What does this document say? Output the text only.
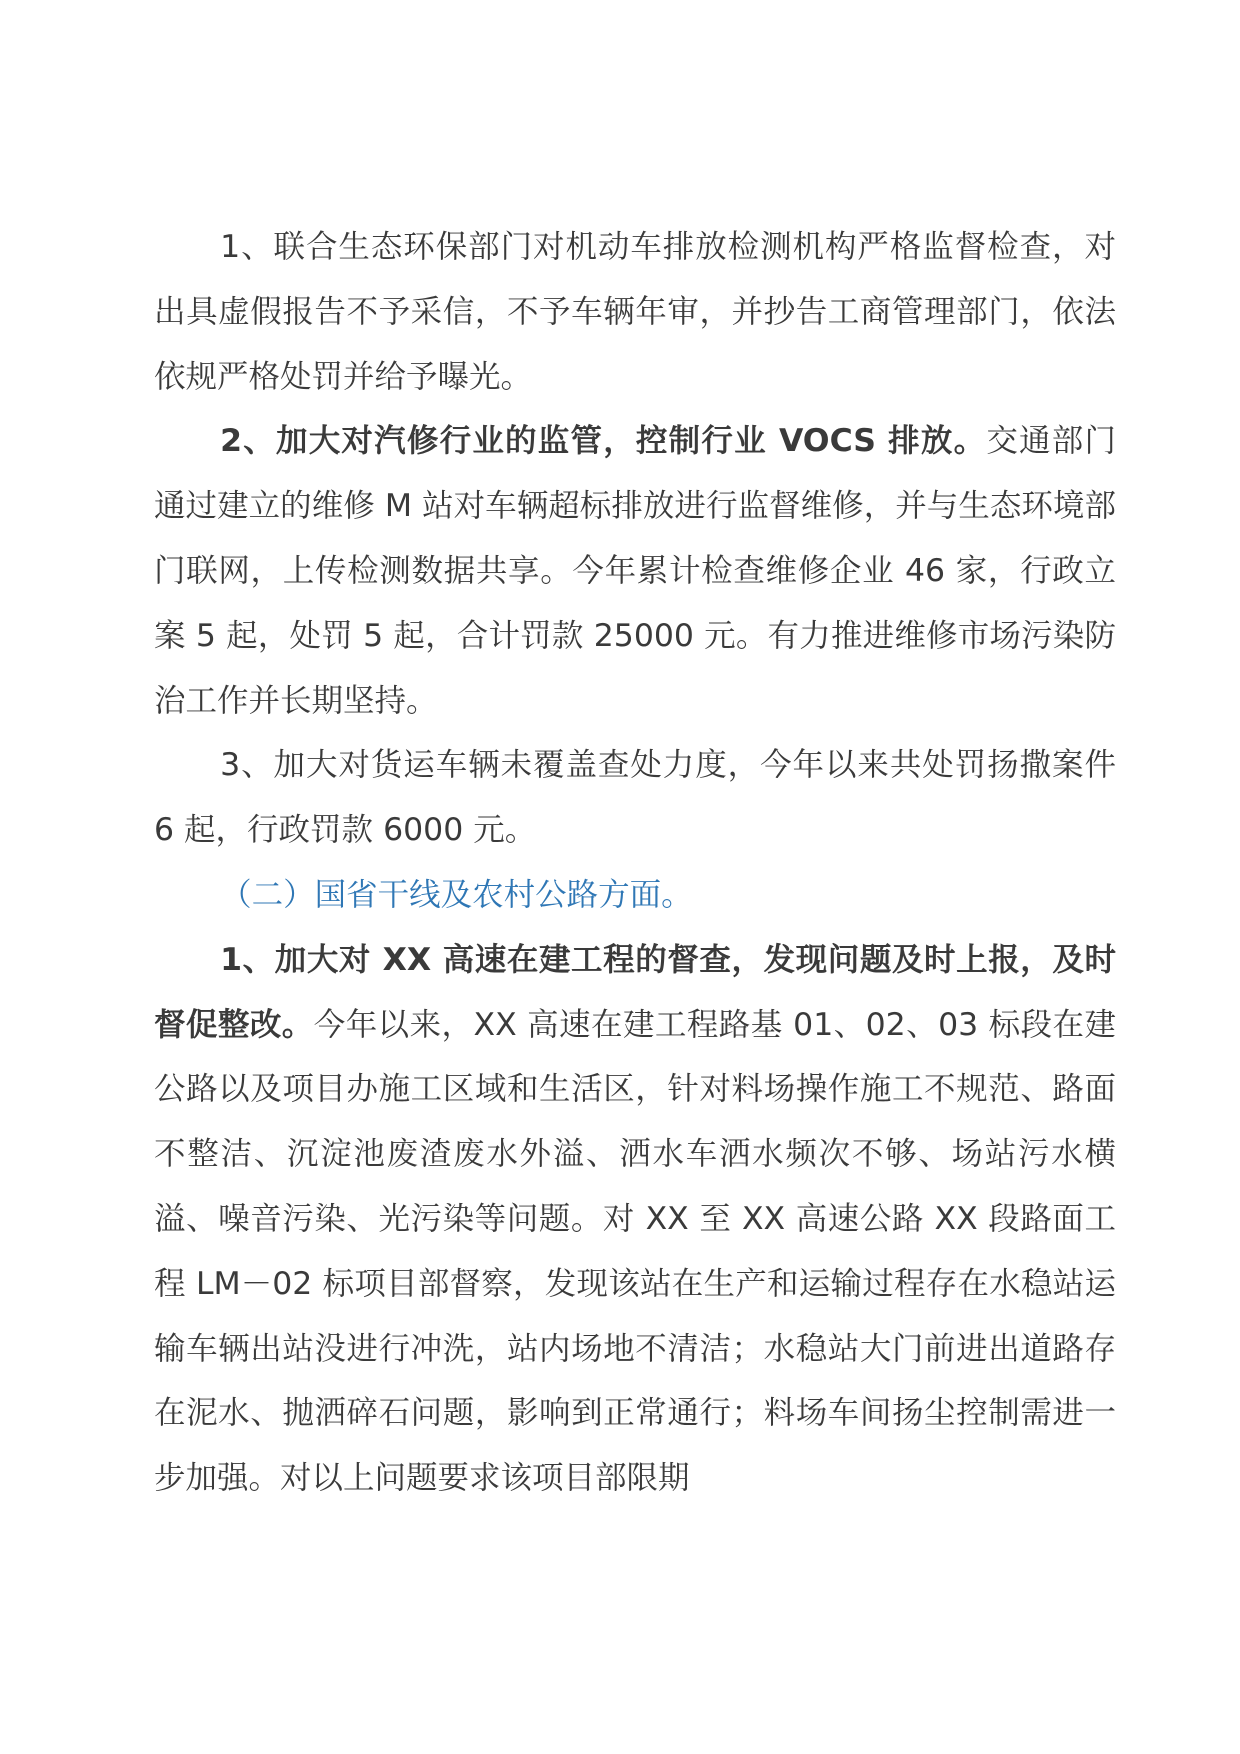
1、联合生态环保部门对机动车排放检测机构严格监督检查，对出具虚假报告不予采信，不予车辆年审，并抄告工商管理部门，依法依规严格处罚并给予曝光。

2、加大对汽修行业的监管，控制行业 VOCS 排放。交通部门通过建立的维修 M 站对车辆超标排放进行监督维修，并与生态环境部门联网，上传检测数据共享。今年累计检查维修企业 46 家，行政立案 5 起，处罚 5 起，合计罚款 25000 元。有力推进维修市场污染防治工作并长期坚持。

3、加大对货运车辆未覆盖查处力度，今年以来共处罚扬撒案件 6 起，行政罚款 6000 元。

（二）国省干线及农村公路方面。

1、加大对 XX 高速在建工程的督查，发现问题及时上报，及时督促整改。今年以来，XX 高速在建工程路基 01、02、03 标段在建公路以及项目办施工区域和生活区，针对料场操作施工不规范、路面不整洁、沉淀池废渣废水外溢、洒水车洒水频次不够、场站污水横溢、噪音污染、光污染等问题。对 XX 至 XX 高速公路 XX 段路面工程 LM－02 标项目部督察，发现该站在生产和运输过程存在水稳站运输车辆出站没进行冲洗，站内场地不清洁；水稳站大门前进出道路存在泥水、抛洒碎石问题，影响到正常通行；料场车间扬尘控制需进一步加强。对以上问题要求该项目部限期
